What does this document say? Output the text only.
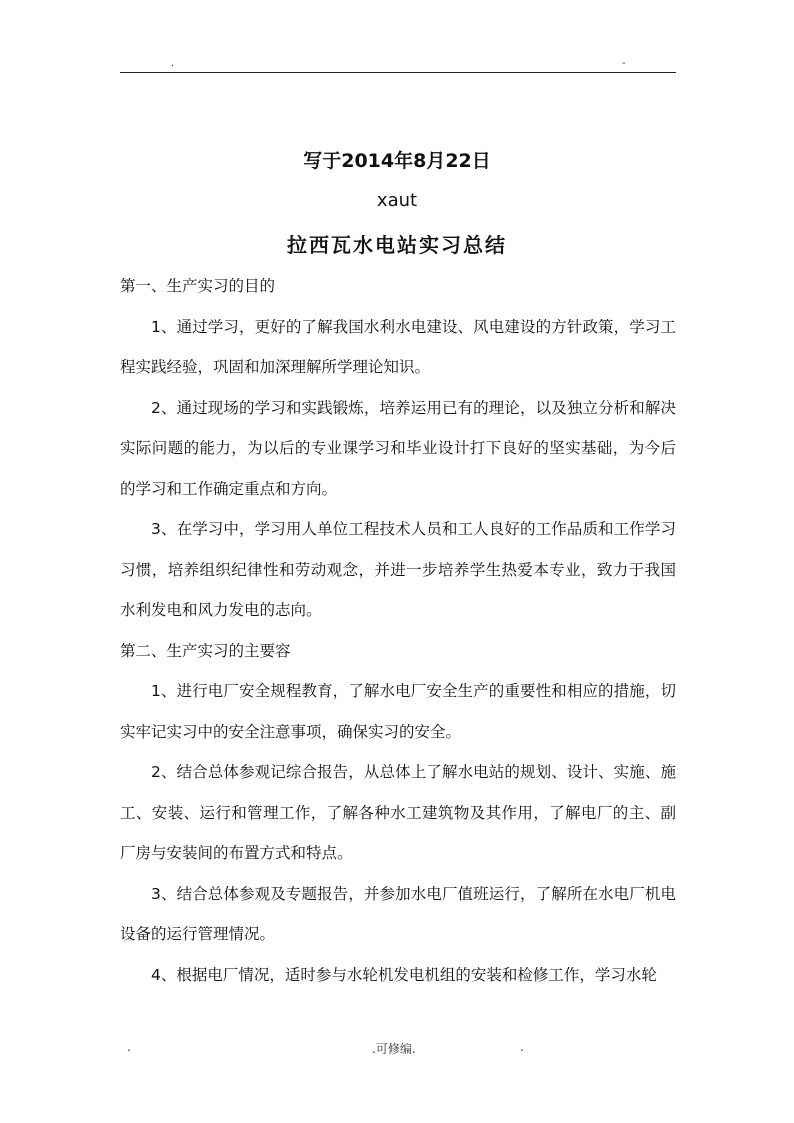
.	-
写于2014年8月22日
xaut
拉西瓦水电站实习总结

第一、生产实习的目的

1、通过学习，更好的了解我国水利水电建设、风电建设的方针政策，学习工程实践经验，巩固和加深理解所学理论知识。

2、通过现场的学习和实践锻炼，培养运用已有的理论，以及独立分析和解决实际问题的能力，为以后的专业课学习和毕业设计打下良好的坚实基础，为今后的学习和工作确定重点和方向。

3、在学习中，学习用人单位工程技术人员和工人良好的工作品质和工作学习习惯，培养组织纪律性和劳动观念，并进一步培养学生热爱本专业，致力于我国水利发电和风力发电的志向。

第二、生产实习的主要容

1、进行电厂安全规程教育，了解水电厂安全生产的重要性和相应的措施，切实牢记实习中的安全注意事项，确保实习的安全。

2、结合总体参观记综合报告，从总体上了解水电站的规划、设计、实施、施工、安装、运行和管理工作，了解各种水工建筑物及其作用，了解电厂的主、副厂房与安装间的布置方式和特点。

3、结合总体参观及专题报告，并参加水电厂值班运行，了解所在水电厂机电设备的运行管理情况。

4、根据电厂情况，适时参与水轮机发电机组的安装和检修工作，学习水轮

.	.可修编.	.
